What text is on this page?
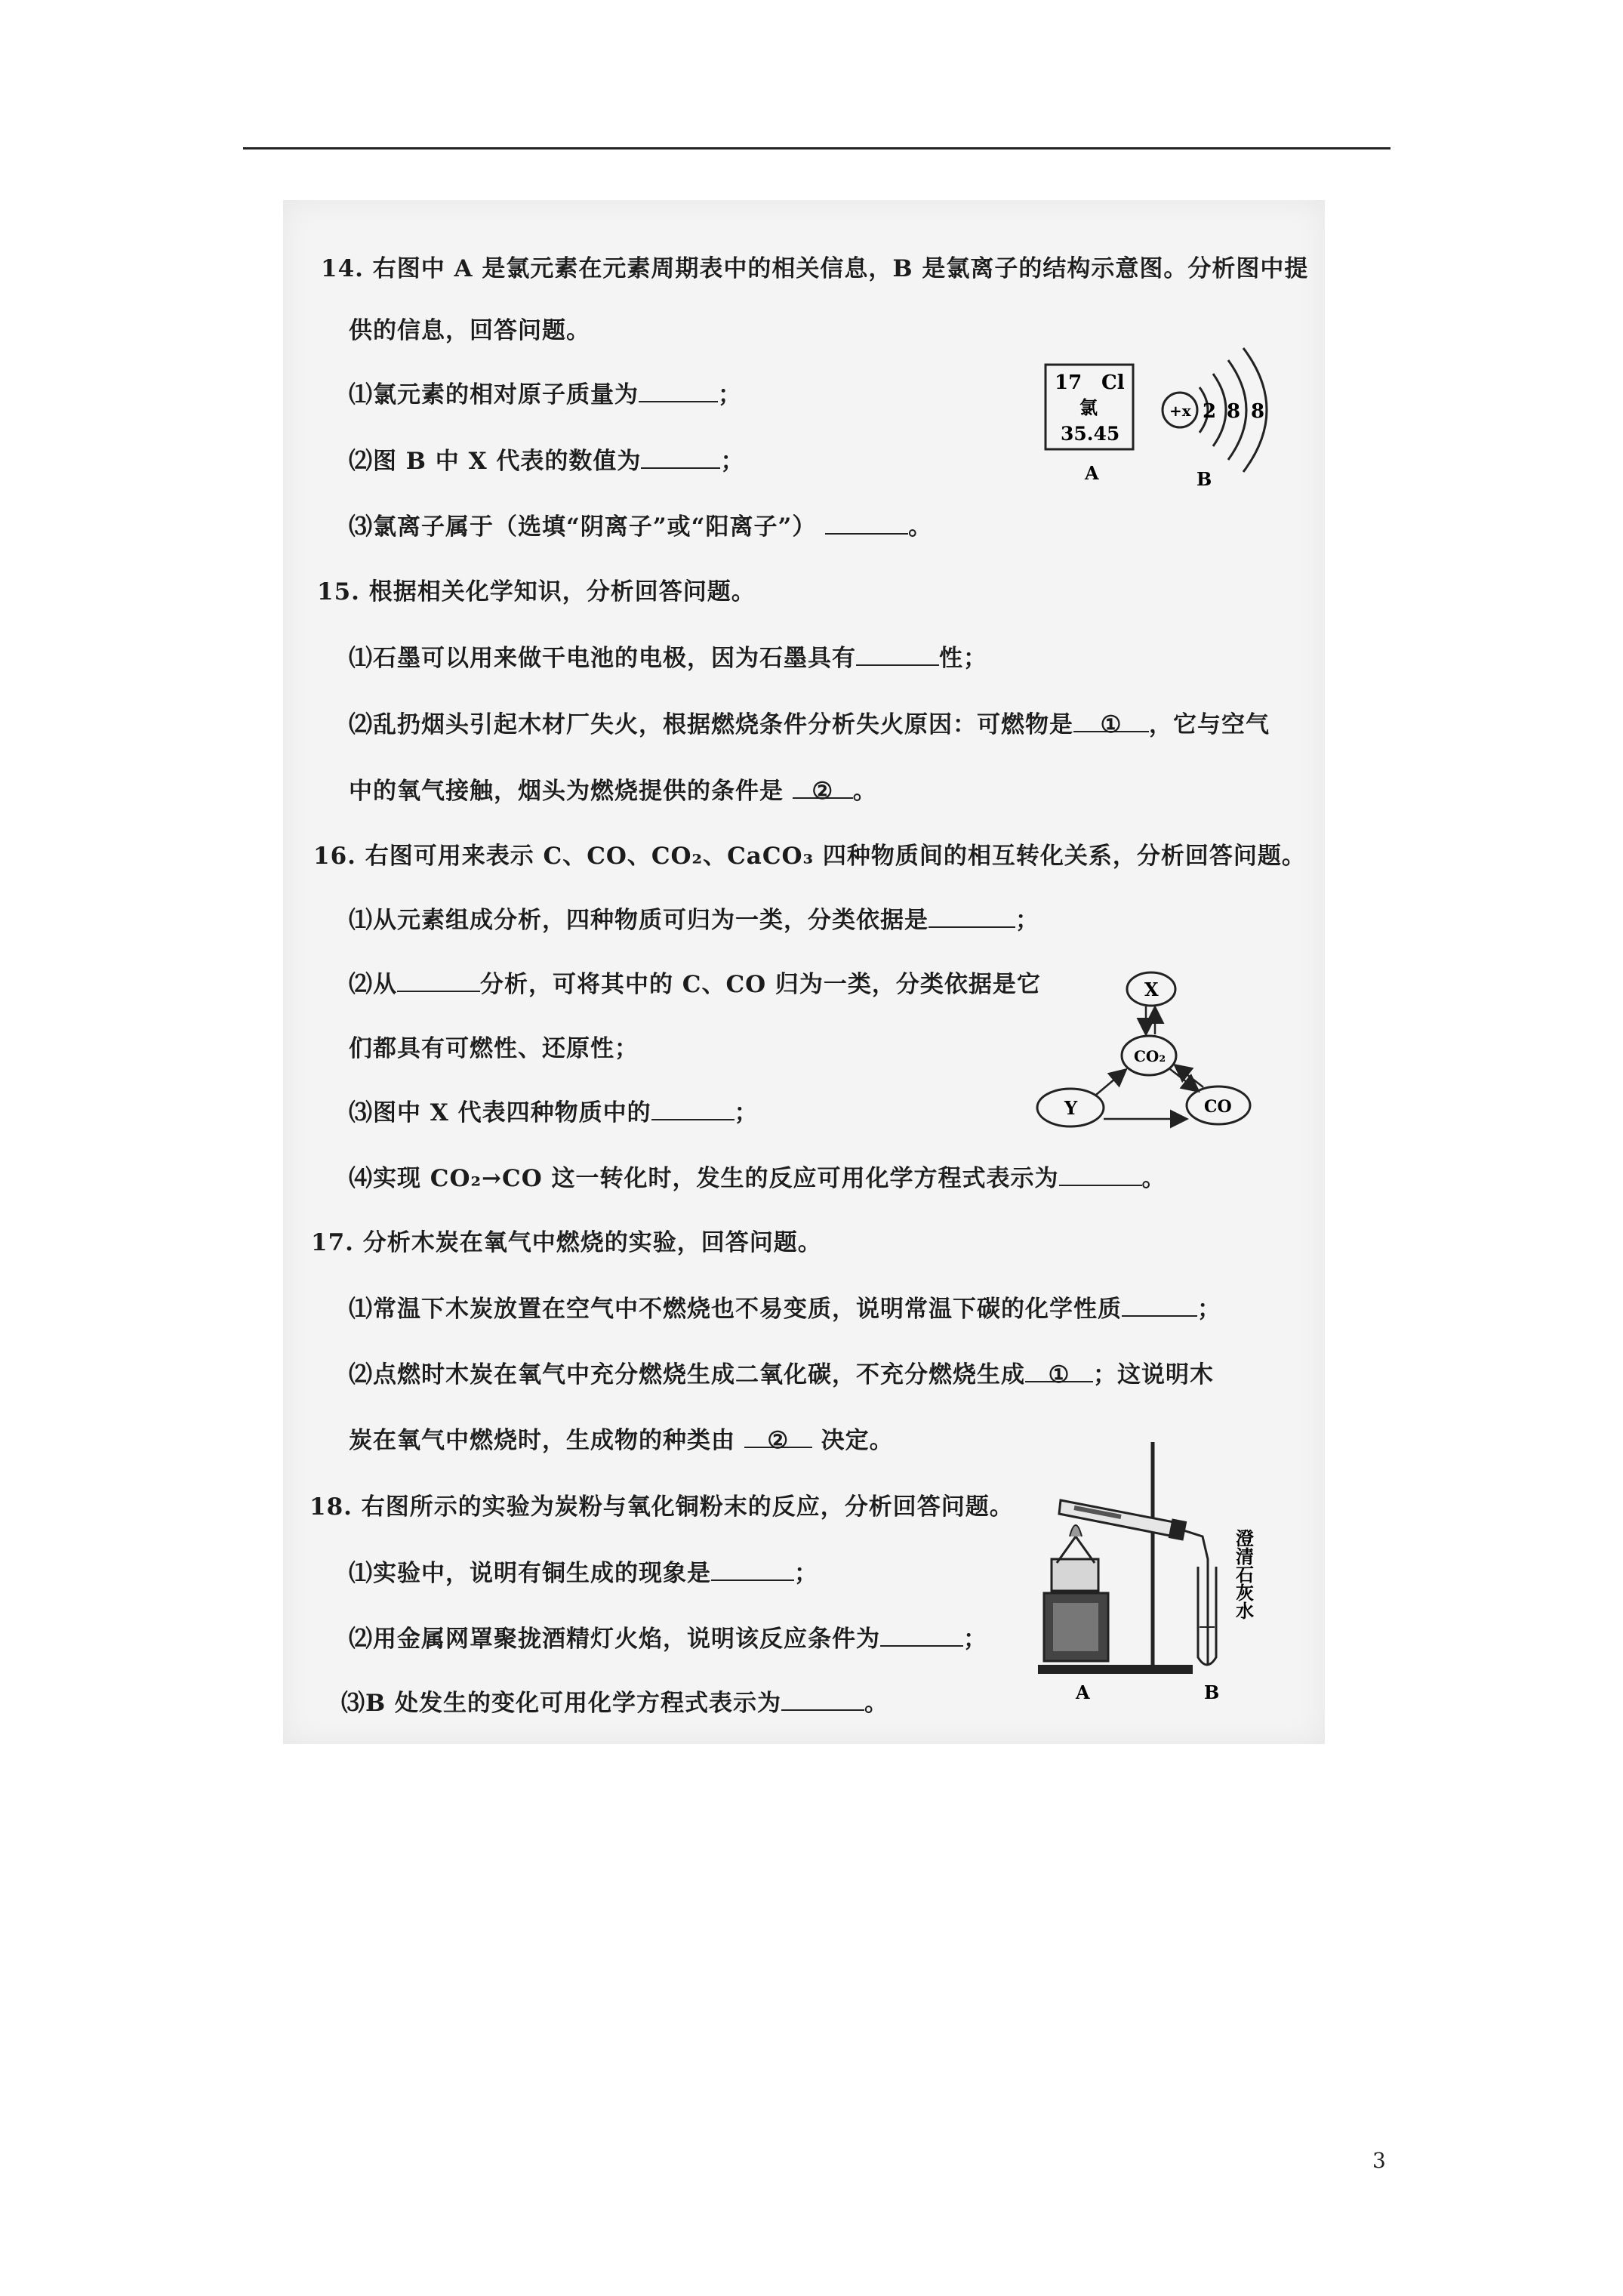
14. 右图中 A 是氯元素在元素周期表中的相关信息，B 是氯离子的结构示意图。分析图中提
供的信息，回答问题。
⑴氯元素的相对原子质量为	；
⑵图 B 中 X 代表的数值为	；
⑶氯离子属于（选填“阴离子”或“阳离子”）	。
17 Cl
氯
35.45
A
+x 2 8 8
B
15. 根据相关化学知识，分析回答问题。
⑴石墨可以用来做干电池的电极，因为石墨具有	性；
⑵乱扔烟头引起木材厂失火，根据燃烧条件分析失火原因：可燃物是 ① ，它与空气
中的氧气接触，烟头为燃烧提供的条件是 ② 。
16. 右图可用来表示 C、CO、CO₂、CaCO₃ 四种物质间的相互转化关系，分析回答问题。
⑴从元素组成分析，四种物质可归为一类，分类依据是	；
⑵从	分析，可将其中的 C、CO 归为一类，分类依据是它
们都具有可燃性、还原性；
⑶图中 X 代表四种物质中的	；
⑷实现 CO₂→CO 这一转化时，发生的反应可用化学方程式表示为	。
X
CO₂
Y	CO
17. 分析木炭在氧气中燃烧的实验，回答问题。
⑴常温下木炭放置在空气中不燃烧也不易变质，说明常温下碳的化学性质	；
⑵点燃时木炭在氧气中充分燃烧生成二氧化碳，不充分燃烧生成 ① ；这说明木
炭在氧气中燃烧时，生成物的种类由 ② 决定。
18. 右图所示的实验为炭粉与氧化铜粉末的反应，分析回答问题。
⑴实验中，说明有铜生成的现象是	；
⑵用金属网罩聚拢酒精灯火焰，说明该反应条件为	；
⑶B 处发生的变化可用化学方程式表示为	。
澄清石灰水
A	B
3
